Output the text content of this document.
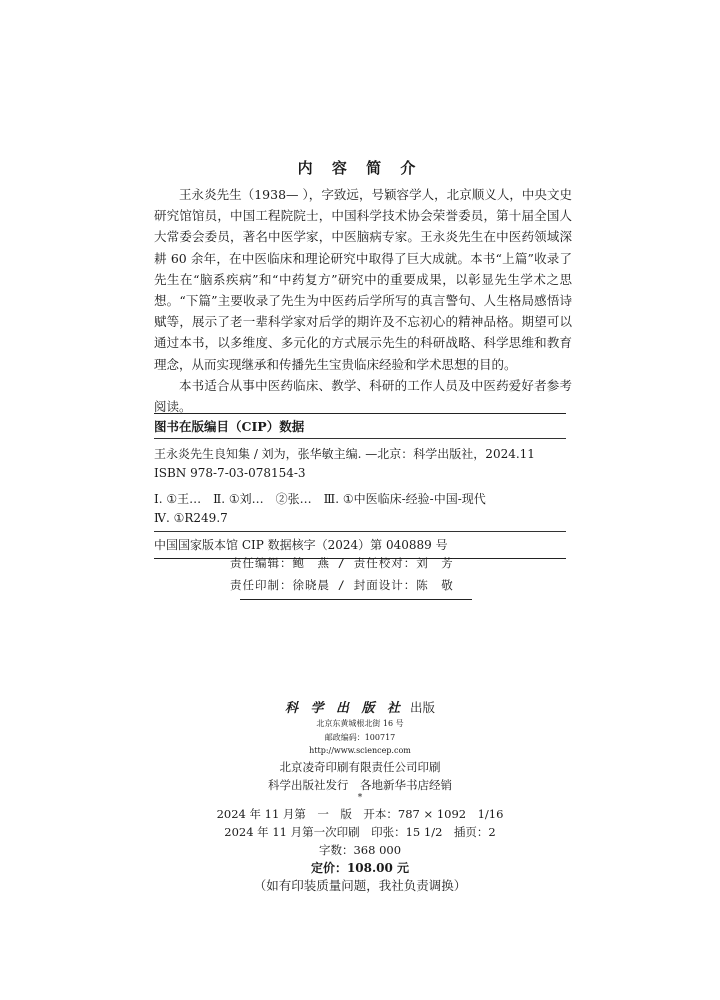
内 容 简 介

王永炎先生（1938— ），字致远，号颖容学人，北京顺义人，中央文史研究馆馆员，中国工程院院士，中国科学技术协会荣誉委员，第十届全国人大常委会委员，著名中医学家，中医脑病专家。王永炎先生在中医药领域深耕 60 余年，在中医临床和理论研究中取得了巨大成就。本书“上篇”收录了先生在“脑系疾病”和“中药复方”研究中的重要成果，以彰显先生学术之思想。“下篇”主要收录了先生为中医药后学所写的真言警句、人生格局感悟诗赋等，展示了老一辈科学家对后学的期许及不忘初心的精神品格。期望可以通过本书，以多维度、多元化的方式展示先生的科研战略、科学思维和教育理念，从而实现继承和传播先生宝贵临床经验和学术思想的目的。

本书适合从事中医药临床、教学、科研的工作人员及中医药爱好者参考阅读。

图书在版编目（CIP）数据
王永炎先生良知集 / 刘为，张华敏主编. —北京：科学出版社，2024.11
ISBN 978-7-03-078154-3
Ⅰ. ①王…　Ⅱ. ①刘…　②张…　Ⅲ. ①中医临床-经验-中国-现代
Ⅳ. ①R249.7
中国国家版本馆 CIP 数据核字（2024）第 040889 号
责任编辑：鲍　燕 / 责任校对：刘　芳
责任印制：徐晓晨 / 封面设计：陈　敬
科 学 出 版 社 出版
北京东黄城根北街 16 号
邮政编码：100717
http://www.sciencep.com
北京凌奇印刷有限责任公司印刷
科学出版社发行　各地新华书店经销
*
2024 年 11 月第　一　版　开本：787 × 1092　1/16
2024 年 11 月第一次印刷　印张：15 1/2　插页：2
字数：368 000
定价：108.00 元
（如有印装质量问题，我社负责调换）
